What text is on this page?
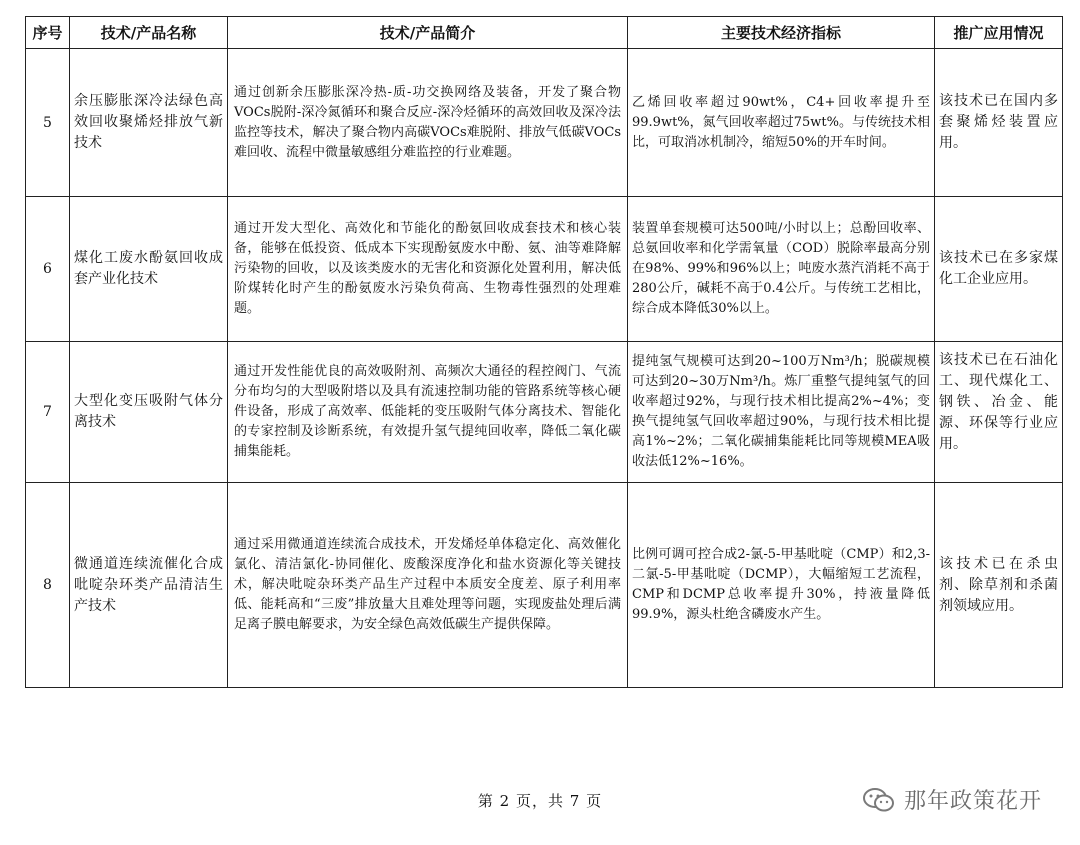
序号	技术/产品名称	技术/产品简介	主要技术经济指标	推广应用情况
5	余压膨胀深冷法绿色高效回收聚烯烃排放气新技术	通过创新余压膨胀深冷热-质-功交换网络及装备，开发了聚合物VOCs脱附-深冷氮循环和聚合反应-深冷烃循环的高效回收及深冷法监控等技术，解决了聚合物内高碳VOCs难脱附、排放气低碳VOCs难回收、流程中微量敏感组分难监控的行业难题。	乙烯回收率超过90wt%，C4+回收率提升至99.9wt%，氮气回收率超过75wt%。与传统技术相比，可取消冰机制冷，缩短50%的开车时间。	该技术已在国内多套聚烯烃装置应用。
6	煤化工废水酚氨回收成套产业化技术	通过开发大型化、高效化和节能化的酚氨回收成套技术和核心装备，能够在低投资、低成本下实现酚氨废水中酚、氨、油等难降解污染物的回收，以及该类废水的无害化和资源化处置利用，解决低阶煤转化时产生的酚氨废水污染负荷高、生物毒性强烈的处理难题。	装置单套规模可达500吨/小时以上；总酚回收率、总氨回收率和化学需氧量（COD）脱除率最高分别在98%、99%和96%以上；吨废水蒸汽消耗不高于280公斤，碱耗不高于0.4公斤。与传统工艺相比，综合成本降低30%以上。	该技术已在多家煤化工企业应用。
7	大型化变压吸附气体分离技术	通过开发性能优良的高效吸附剂、高频次大通径的程控阀门、气流分布均匀的大型吸附塔以及具有流速控制功能的管路系统等核心硬件设备，形成了高效率、低能耗的变压吸附气体分离技术、智能化的专家控制及诊断系统，有效提升氢气提纯回收率，降低二氧化碳捕集能耗。	提纯氢气规模可达到20~100万Nm³/h；脱碳规模可达到20~30万Nm³/h。炼厂重整气提纯氢气的回收率超过92%，与现行技术相比提高2%~4%；变换气提纯氢气回收率超过90%，与现行技术相比提高1%~2%；二氧化碳捕集能耗比同等规模MEA吸收法低12%~16%。	该技术已在石油化工、现代煤化工、钢铁、冶金、能源、环保等行业应用。
8	微通道连续流催化合成吡啶杂环类产品清洁生产技术	通过采用微通道连续流合成技术，开发烯烃单体稳定化、高效催化氯化、清洁氯化-协同催化、废酸深度净化和盐水资源化等关键技术，解决吡啶杂环类产品生产过程中本质安全度差、原子利用率低、能耗高和“三废”排放量大且难处理等问题，实现废盐处理后满足离子膜电解要求，为安全绿色高效低碳生产提供保障。	比例可调可控合成2-氯-5-甲基吡啶（CMP）和2,3-二氯-5-甲基吡啶（DCMP），大幅缩短工艺流程，CMP和DCMP总收率提升30%，持液量降低99.9%，源头杜绝含磷废水产生。	该技术已在杀虫剂、除草剂和杀菌剂领域应用。
第 2 页，共 7 页	那年政策花开
